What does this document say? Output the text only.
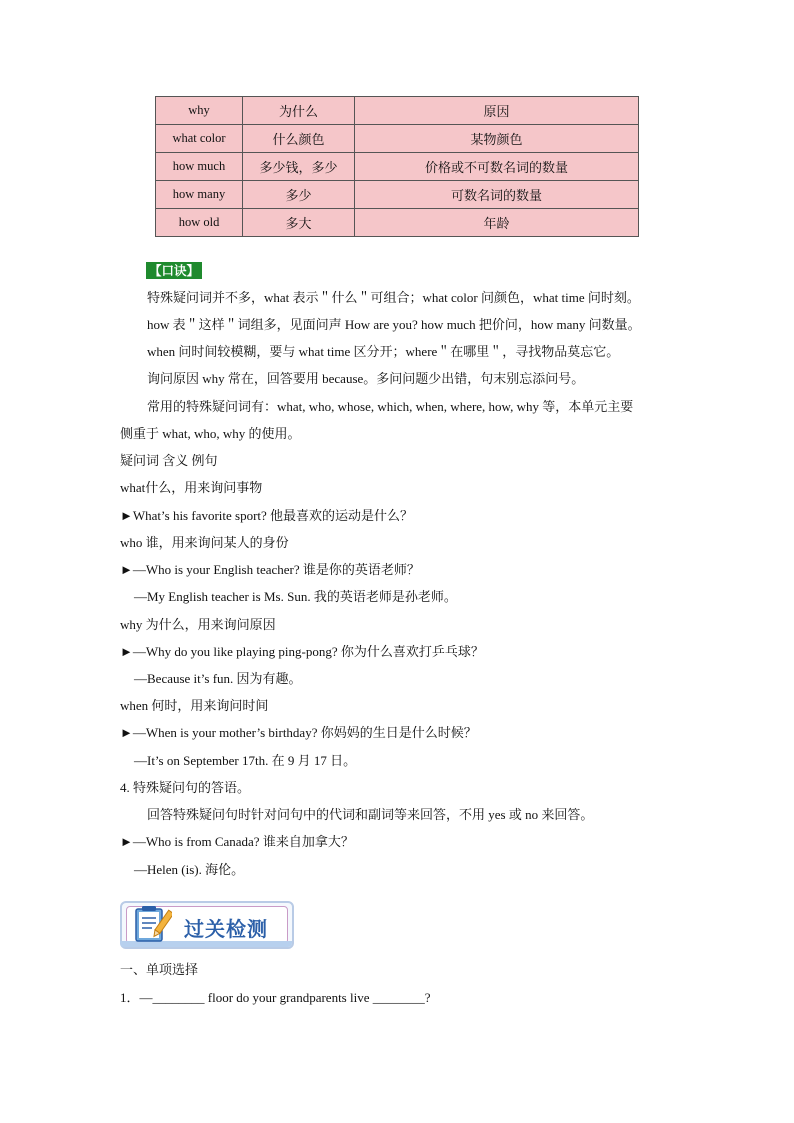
why	为什么	原因
what color	什么颜色	某物颜色
how much	多少钱，多少	价格或不可数名词的数量
how many	多少	可数名词的数量
how old	多大	年龄
【口诀】
特殊疑问词并不多，what 表示＂什么＂可组合；what color 问颜色，what time 问时刻。
how 表＂这样＂词组多，见面问声 How are you? how much 把价问，how many 问数量。
when 问时间较模糊，要与 what time 区分开；where＂在哪里＂，寻找物品莫忘它。
询问原因 why 常在，回答要用 because。多问问题少出错，句末别忘添问号。
常用的特殊疑问词有：what, who, whose, which, when, where, how, why 等，本单元主要
侧重于 what, who, why 的使用。
疑问词 含义 例句
what什么，用来询问事物
►What’s his favorite sport? 他最喜欢的运动是什么？
who 谁，用来询问某人的身份
►—Who is your English teacher? 谁是你的英语老师？
—My English teacher is Ms. Sun. 我的英语老师是孙老师。
why 为什么，用来询问原因
►—Why do you like playing ping-pong? 你为什么喜欢打乒乓球？
—Because it’s fun. 因为有趣。
when 何时，用来询问时间
►—When is your mother’s birthday? 你妈妈的生日是什么时候？
—It’s on September 17th. 在 9 月 17 日。
4. 特殊疑问句的答语。
回答特殊疑问句时针对问句中的代词和副词等来回答，不用 yes 或 no 来回答。
►—Who is from Canada? 谁来自加拿大？
—Helen (is). 海伦。
过关检测
一、单项选择
1．—________ floor do your grandparents live ________?
